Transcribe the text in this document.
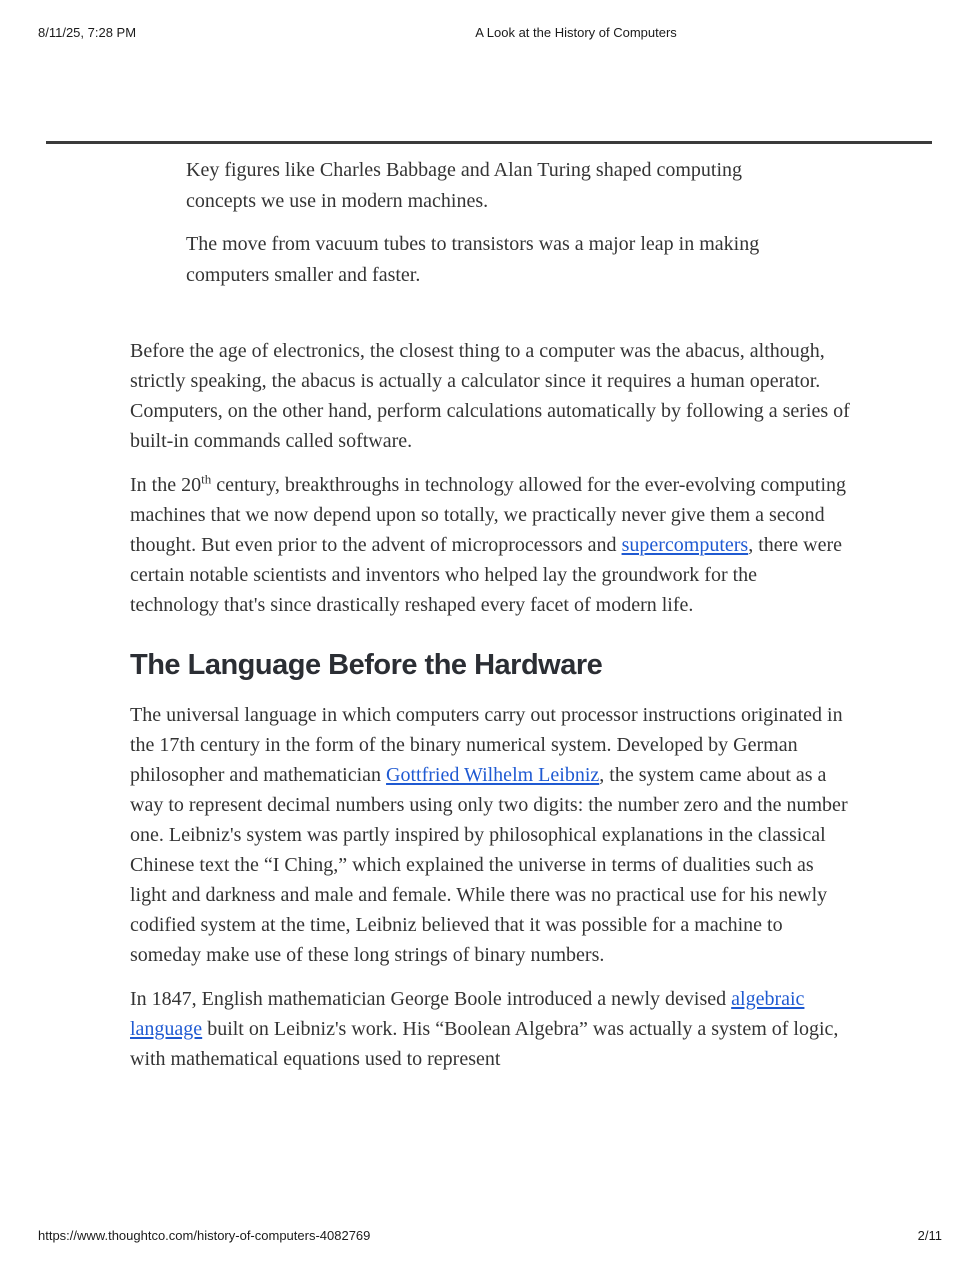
8/11/25, 7:28 PM	A Look at the History of Computers

Key figures like Charles Babbage and Alan Turing shaped computing concepts we use in modern machines.

The move from vacuum tubes to transistors was a major leap in making computers smaller and faster.

Before the age of electronics, the closest thing to a computer was the abacus, although, strictly speaking, the abacus is actually a calculator since it requires a human operator. Computers, on the other hand, perform calculations automatically by following a series of built-in commands called software.

In the 20th century, breakthroughs in technology allowed for the ever-evolving computing machines that we now depend upon so totally, we practically never give them a second thought. But even prior to the advent of microprocessors and supercomputers, there were certain notable scientists and inventors who helped lay the groundwork for the technology that's since drastically reshaped every facet of modern life.

The Language Before the Hardware

The universal language in which computers carry out processor instructions originated in the 17th century in the form of the binary numerical system. Developed by German philosopher and mathematician Gottfried Wilhelm Leibniz, the system came about as a way to represent decimal numbers using only two digits: the number zero and the number one. Leibniz's system was partly inspired by philosophical explanations in the classical Chinese text the “I Ching,” which explained the universe in terms of dualities such as light and darkness and male and female. While there was no practical use for his newly codified system at the time, Leibniz believed that it was possible for a machine to someday make use of these long strings of binary numbers.

In 1847, English mathematician George Boole introduced a newly devised algebraic language built on Leibniz's work. His “Boolean Algebra” was actually a system of logic, with mathematical equations used to represent

https://www.thoughtco.com/history-of-computers-4082769	2/11
